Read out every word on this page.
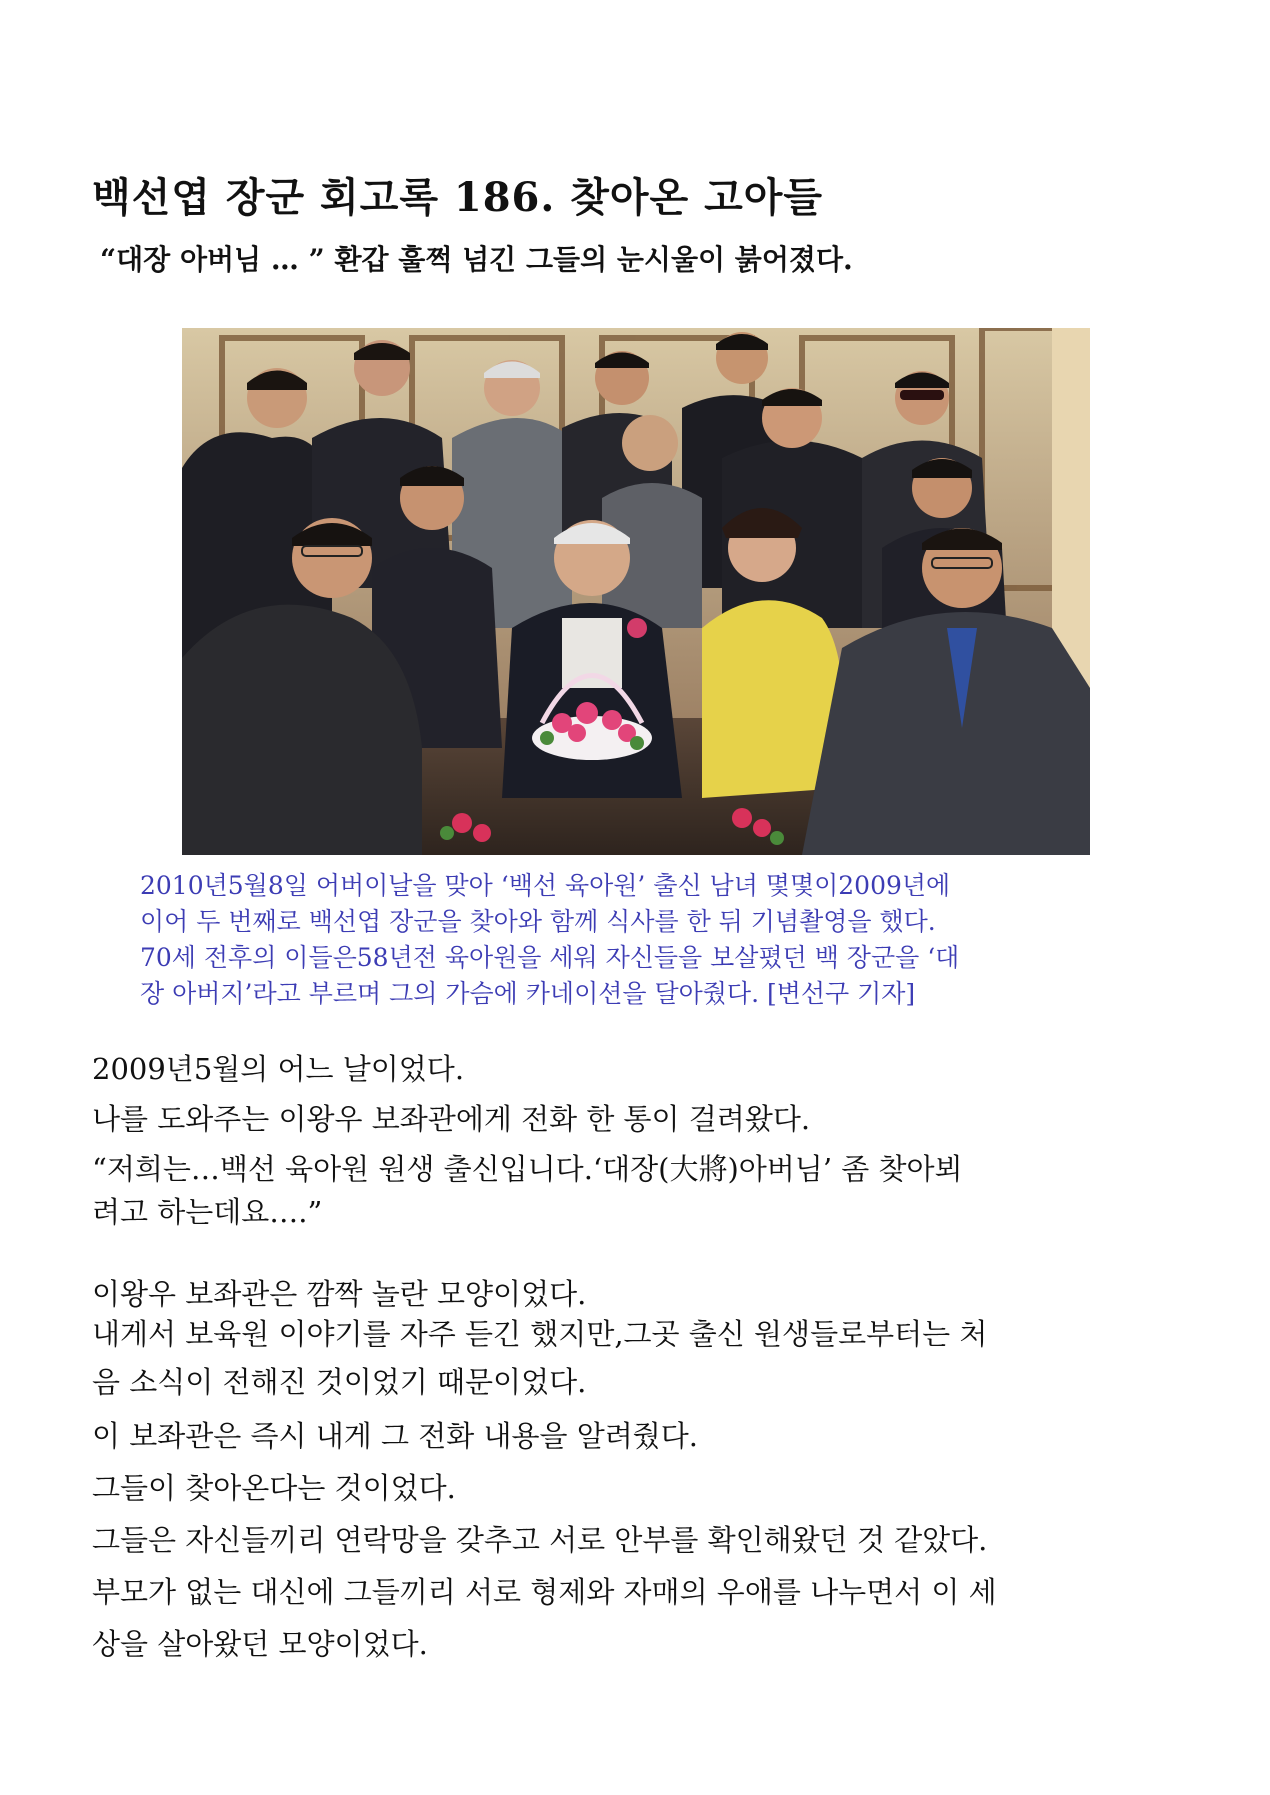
백선엽 장군 회고록 186. 찾아온 고아들
“대장 아버님 … ” 환갑 훌쩍 넘긴 그들의 눈시울이 붉어졌다.

2010년5월8일 어버이날을 맞아 ‘백선 육아원’ 출신 남녀 몇몇이2009년에

이어 두 번째로 백선엽 장군을 찾아와 함께 식사를 한 뒤 기념촬영을 했다.

70세 전후의 이들은58년전 육아원을 세워 자신들을 보살폈던 백 장군을 ‘대

장 아버지’라고 부르며 그의 가슴에 카네이션을 달아줬다. [변선구 기자]

2009년5월의 어느 날이었다.

나를 도와주는 이왕우 보좌관에게 전화 한 통이 걸려왔다.

“저희는…백선 육아원 원생 출신입니다.‘대장(大將)아버님’ 좀 찾아뵈

려고 하는데요….”

이왕우 보좌관은 깜짝 놀란 모양이었다.

내게서 보육원 이야기를 자주 듣긴 했지만,그곳 출신 원생들로부터는 처

음 소식이 전해진 것이었기 때문이었다.

이 보좌관은 즉시 내게 그 전화 내용을 알려줬다.

그들이 찾아온다는 것이었다.

그들은 자신들끼리 연락망을 갖추고 서로 안부를 확인해왔던 것 같았다.

부모가 없는 대신에 그들끼리 서로 형제와 자매의 우애를 나누면서 이 세

상을 살아왔던 모양이었다.
